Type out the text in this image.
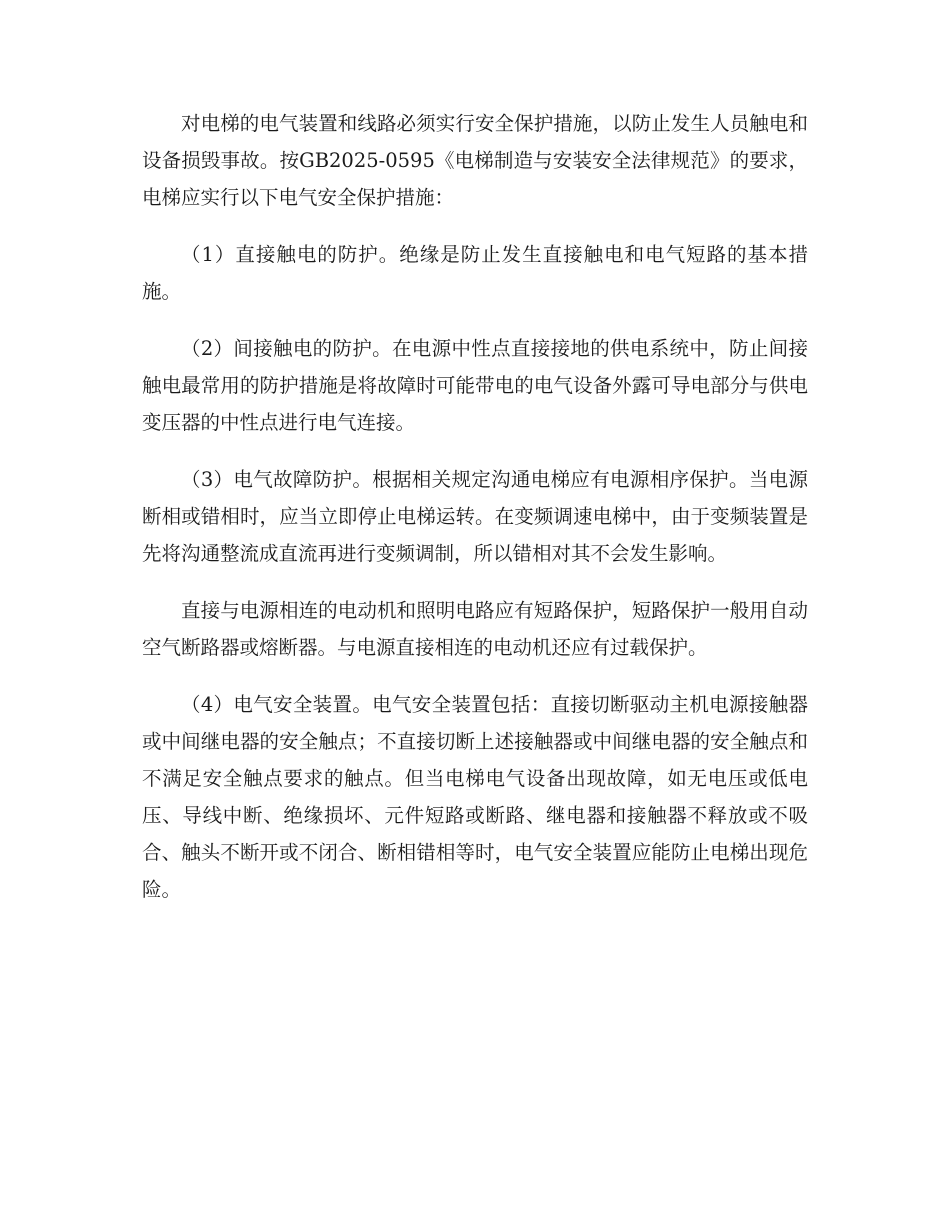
对电梯的电气装置和线路必须实行安全保护措施，以防止发生人员触电和设备损毁事故。按GB2025-0595《电梯制造与安装安全法律规范》的要求，电梯应实行以下电气安全保护措施：

（1）直接触电的防护。绝缘是防止发生直接触电和电气短路的基本措施。

（2）间接触电的防护。在电源中性点直接接地的供电系统中，防止间接触电最常用的防护措施是将故障时可能带电的电气设备外露可导电部分与供电变压器的中性点进行电气连接。

（3）电气故障防护。根据相关规定沟通电梯应有电源相序保护。当电源断相或错相时，应当立即停止电梯运转。在变频调速电梯中，由于变频装置是先将沟通整流成直流再进行变频调制，所以错相对其不会发生影响。

直接与电源相连的电动机和照明电路应有短路保护，短路保护一般用自动空气断路器或熔断器。与电源直接相连的电动机还应有过载保护。

（4）电气安全装置。电气安全装置包括：直接切断驱动主机电源接触器或中间继电器的安全触点；不直接切断上述接触器或中间继电器的安全触点和不满足安全触点要求的触点。但当电梯电气设备出现故障，如无电压或低电压、导线中断、绝缘损坏、元件短路或断路、继电器和接触器不释放或不吸合、触头不断开或不闭合、断相错相等时，电气安全装置应能防止电梯出现危险。
